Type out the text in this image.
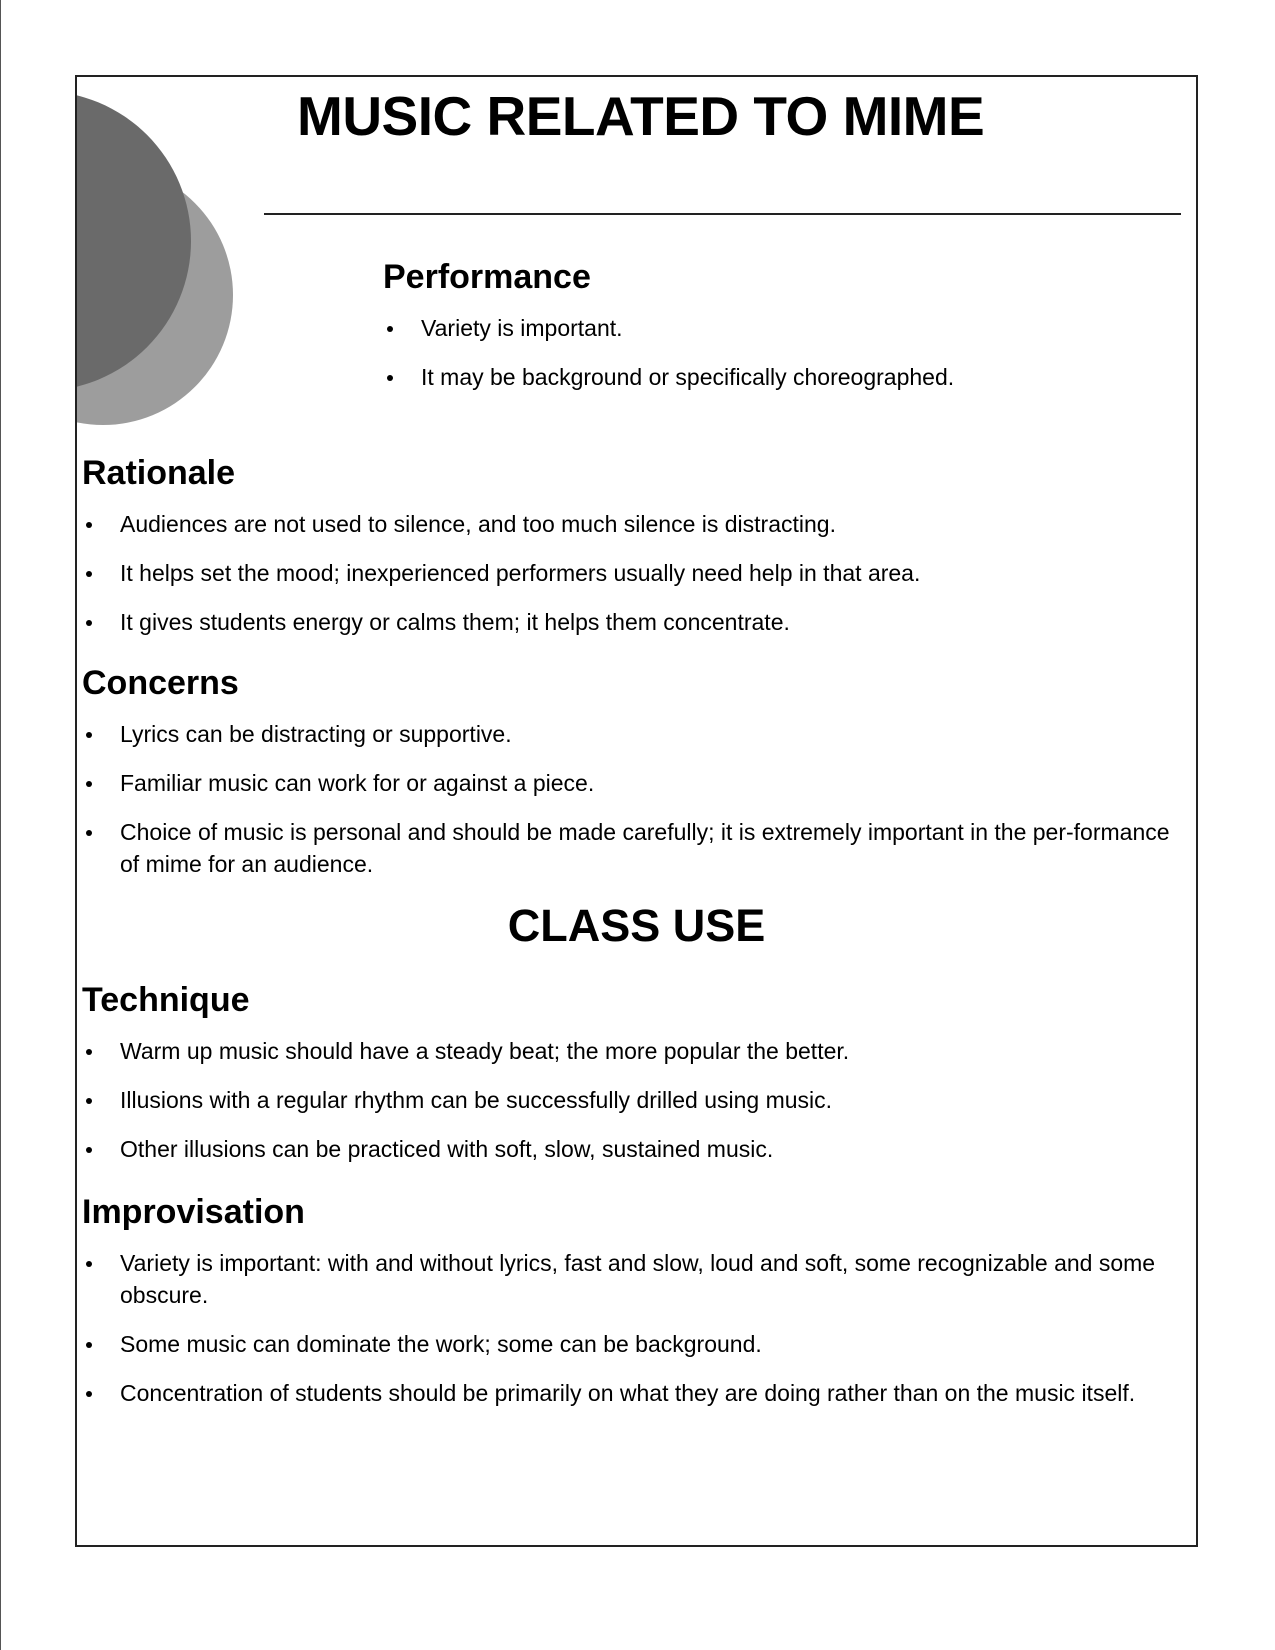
MUSIC RELATED TO MIME
Performance
Variety is important.
It may be background or specifically choreographed.
Rationale
Audiences are not used to silence, and too much silence is distracting.
It helps set the mood; inexperienced performers usually need help in that area.
It gives students energy or calms them; it helps them concentrate.
Concerns
Lyrics can be distracting or supportive.
Familiar music can work for or against a piece.
Choice of music is personal and should be made carefully; it is extremely important in the per-formance of mime for an audience.
CLASS USE
Technique
Warm up music should have a steady beat; the more popular the better.
Illusions with a regular rhythm can be successfully drilled using music.
Other illusions can be practiced with soft, slow, sustained music.
Improvisation
Variety is important: with and without lyrics, fast and slow, loud and soft, some recognizable and some obscure.
Some music can dominate the work; some can be background.
Concentration of students should be primarily on what they are doing rather than on the music itself.
